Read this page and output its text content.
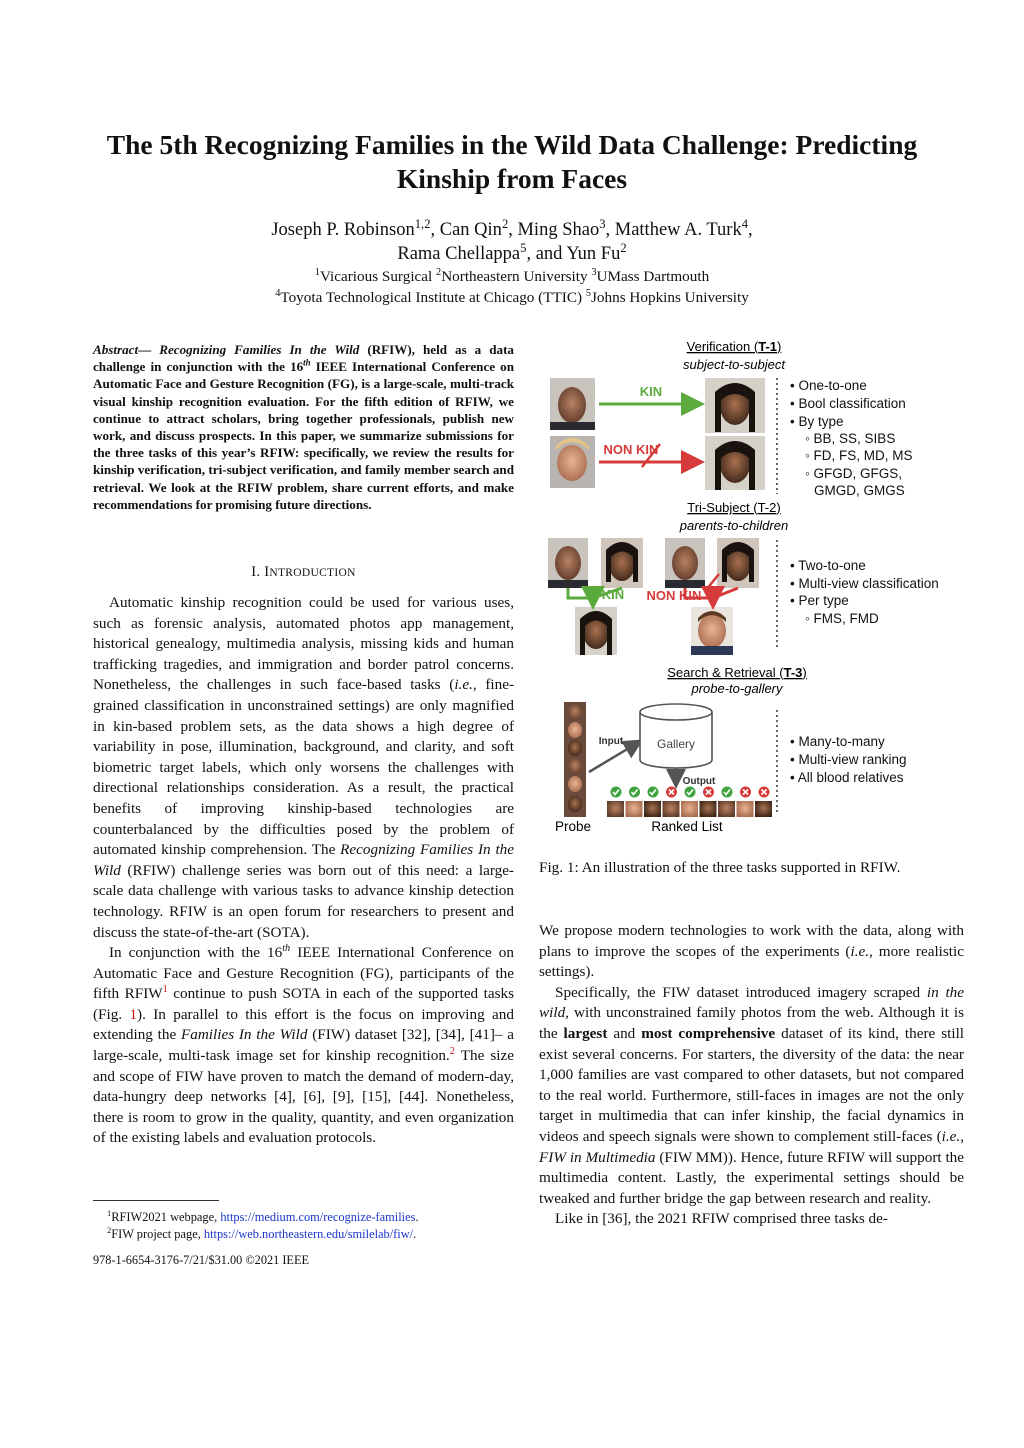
The 5th Recognizing Families in the Wild Data Challenge: Predicting
Kinship from Faces
Joseph P. Robinson$^{1,2}$, Can Qin$^2$, Ming Shao$^3$, Matthew A. Turk$^4$,
Rama Chellappa$^5$, and Yun Fu$^2$
$^1$Vicarious Surgical $^2$Northeastern University $^3$UMass Dartmouth
$^4$Toyota Technological Institute at Chicago (TTIC) $^5$Johns Hopkins University
Abstract— Recognizing Families In the Wild (RFIW), held as a data challenge in conjunction with the 16th IEEE International Conference on Automatic Face and Gesture Recognition (FG), is a large-scale, multi-track visual kinship recognition evaluation. For the fifth edition of RFIW, we continue to attract scholars, bring together professionals, publish new work, and discuss prospects. In this paper, we summarize submissions for the three tasks of this year’s RFIW: specifically, we review the results for kinship verification, tri-subject verification, and family member search and retrieval. We look at the RFIW problem, share current efforts, and make recommendations for promising future directions.
I. INTRODUCTION

Automatic kinship recognition could be used for various uses, such as forensic analysis, automated photos app management, historical genealogy, multimedia analysis, missing kids and human trafficking tragedies, and immigration and border patrol concerns. Nonetheless, the challenges in such face-based tasks (i.e., fine-grained classification in unconstrained settings) are only magnified in kin-based problem sets, as the data shows a high degree of variability in pose, illumination, background, and clarity, and soft biometric target labels, which only worsens the challenges with directional relationships consideration. As a result, the practical benefits of improving kinship-based technologies are counterbalanced by the difficulties posed by the problem of automated kinship comprehension. The Recognizing Families In the Wild (RFIW) challenge series was born out of this need: a large-scale data challenge with various tasks to advance kinship detection technology. RFIW is an open forum for researchers to present and discuss the state-of-the-art (SOTA).

In conjunction with the 16th IEEE International Conference on Automatic Face and Gesture Recognition (FG), participants of the fifth RFIW$^1$ continue to push SOTA in each of the supported tasks (Fig. 1). In parallel to this effort is the focus on improving and extending the Families In the Wild (FIW) dataset [32], [34], [41]– a large-scale, multi-task image set for kinship recognition.$^2$ The size and scope of FIW have proven to match the demand of modern-day, data-hungry deep networks [4], [6], [9], [15], [44]. Nonetheless, there is room to grow in the quality, quantity, and even organization of the existing labels and evaluation protocols.

$^1$RFIW2021 webpage, https://medium.com/recognize-families.
$^2$FIW project page, https://web.northeastern.edu/smilelab/fiw/.
978-1-6654-3176-7/21/$31.00 ©2021 IEEE
Verification (T-1)
subject-to-subject
KIN
NON KIN
• One-to-one
• Bool classification
• By type
◦ BB, SS, SIBS
◦ FD, FS, MD, MS
◦ GFGD, GFGS,
GMGD, GMGS
Tri-Subject (T-2)
parents-to-children
KIN NON KIN
• Two-to-one
• Multi-view classification
• Per type
◦ FMS, FMD
Search & Retrieval (T-3)
probe-to-gallery
Probe
Input	Gallery
Output
Ranked List
• Many-to-many
• Multi-view ranking
• All blood relatives
Fig. 1: An illustration of the three tasks supported in RFIW.

We propose modern technologies to work with the data, along with plans to improve the scopes of the experiments (i.e., more realistic settings).

Specifically, the FIW dataset introduced imagery scraped in the wild, with unconstrained family photos from the web. Although it is the largest and most comprehensive dataset of its kind, there still exist several concerns. For starters, the diversity of the data: the near 1,000 families are vast compared to other datasets, but not compared to the real world. Furthermore, still-faces in images are not the only target in multimedia that can infer kinship, the facial dynamics in videos and speech signals were shown to complement still-faces (i.e., FIW in Multimedia (FIW MM)). Hence, future RFIW will support the multimedia content. Lastly, the experimental settings should be tweaked and further bridge the gap between research and reality.

Like in [36], the 2021 RFIW comprised three tasks de-
